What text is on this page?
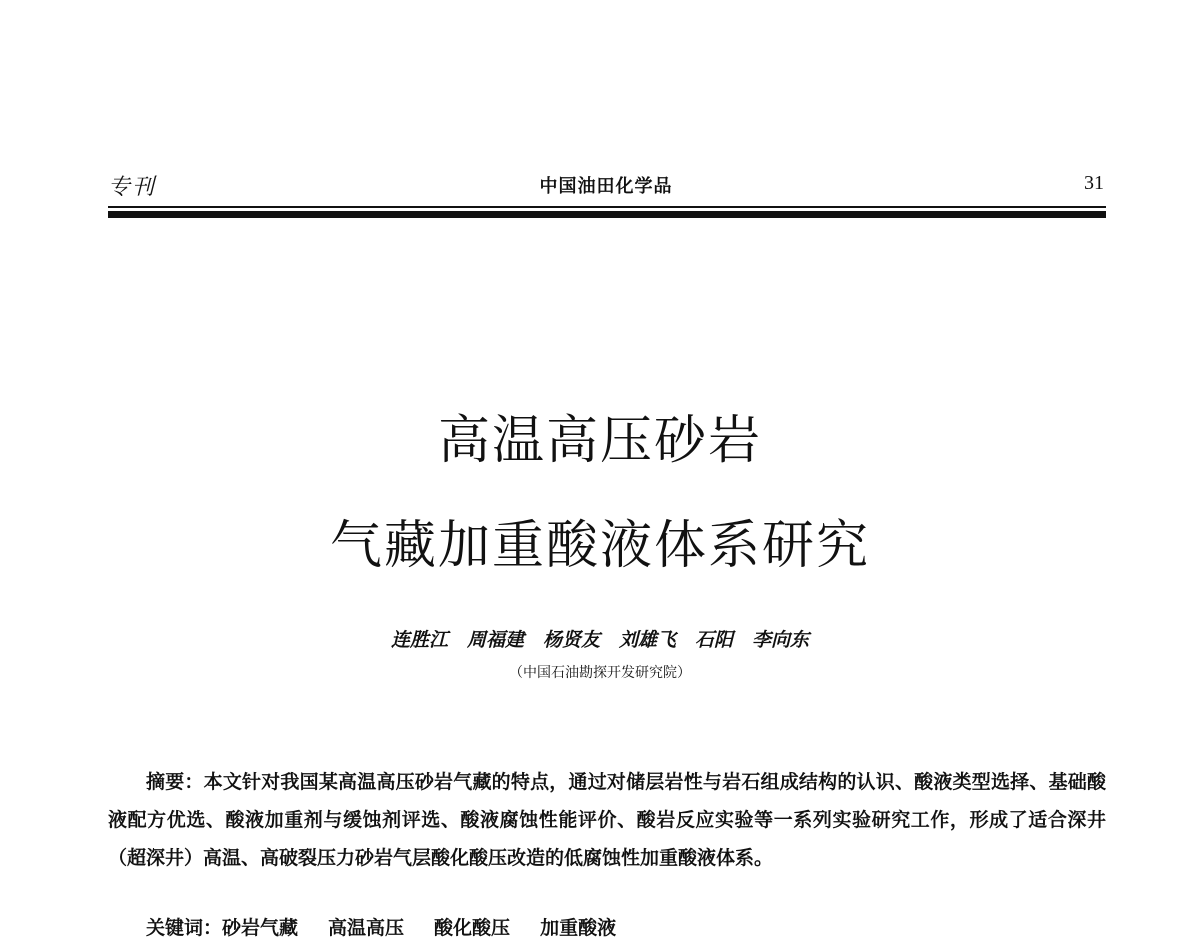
专刊	中国油田化学品	31
高温高压砂岩
气藏加重酸液体系研究
连胜江　周福建　杨贤友　刘雄飞　石阳　李向东
（中国石油勘探开发研究院）

摘要：本文针对我国某高温高压砂岩气藏的特点，通过对储层岩性与岩石组成结构的认识、酸液类型选择、基础酸液配方优选、酸液加重剂与缓蚀剂评选、酸液腐蚀性能评价、酸岩反应实验等一系列实验研究工作，形成了适合深井（超深井）高温、高破裂压力砂岩气层酸化酸压改造的低腐蚀性加重酸液体系。

关键词：砂岩气藏 高温高压 酸化酸压 加重酸液
